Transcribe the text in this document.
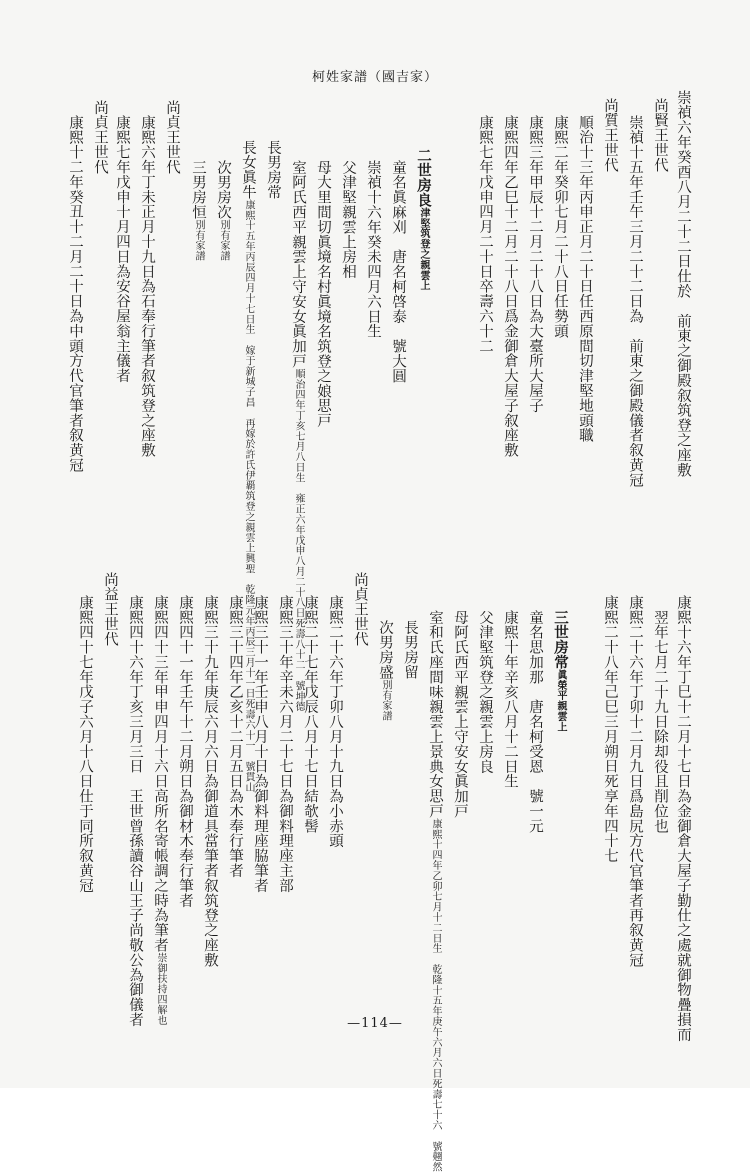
柯姓家譜（國吉家）
崇禎六年癸酉八月二十二日仕於　前東之御殿叙筑登之座敷
尚賢王世代
崇禎十五年壬午三月二十二日為　前東之御殿儀者叙黄冠
尚質王世代
順治十三年丙申正月二十日任西原間切津堅地頭職
康熙二年癸卯七月二十八日任勢頭
康熙三年甲辰十二月二十八日為大臺所大屋子
康熙四年乙巳十二月二十八日爲金御倉大屋子叙座敷
康熙七年戊申四月二十日卒壽六十二
二世房良津堅筑登之親雲上
童名眞麻刈　唐名柯啓泰　號大圓
崇禎十六年癸未四月六日生
父津堅親雲上房相
母大里間切眞境名村眞境名筑登之娘思戸
室阿氏西平親雲上守安女眞加戸順治四年丁亥七月八日生　雍正六年戊申八月二十八日死壽八十二　號坤德
長男房常
長女眞牛康熙十五年丙辰四月十七日生　嫁于新城子昌　再嫁於許氏伊覇筑登之親雲上興聖　乾隆元年丙辰三月十一日死壽六十一　號貫山
次男房次別有家譜
三男房恒別有家譜
尚貞王世代
康熙六年丁未正月十九日為石奉行筆者叙筑登之座敷
康熙七年戊申十月四日為安谷屋翁主儀者
尚貞王世代
康熙十二年癸丑十二月二十日為中頭方代官筆者叙黄冠
康熙十六年丁巳十二月十七日為金御倉大屋子勤仕之處就御物疊損而
翌年七月二十九日除却役且削位也
康熙二十六年丁卯十二月九日爲島尻方代官筆者再叙黄冠
康熙二十八年己巳三月朔日死享年四十七
三世房常眞榮平親雲上
童名思加那　唐名柯受恩　號一元
康熙十年辛亥八月十二日生
父津堅筑登之親雲上房良
母阿氏西平親雲上守安女眞加戸
室和氏座間味親雲上景典女思戸康熙十四年乙卯七月十二日生　乾隆十五年庚午六月六日死壽七十六　號翹然
長男房留
次男房盛別有家譜
尚貞王世代
康熙二十六年丁卯八月十九日為小赤頭
康熙二十七年戊辰八月十七日結欹髻
康熙三十年辛未六月二十七日為御料理座主部
康熙三十一年壬申八月十日為御料理座脇筆者
康熙三十四年乙亥十二月五日為木奉行筆者
康熙三十九年庚辰六月六日為御道具當筆者叙筑登之座敷
康熙四十一年壬午十二月朔日為御材木奉行筆者
康熙四十三年甲申四月十六日高所名寄帳調之時為筆者崇御扶持四解也
康熙四十六年丁亥三月三日　王世曾孫讀谷山王子尚敬公為御儀者
尚益王世代
康熙四十七年戊子六月十八日仕于同所叙黄冠
—114—
